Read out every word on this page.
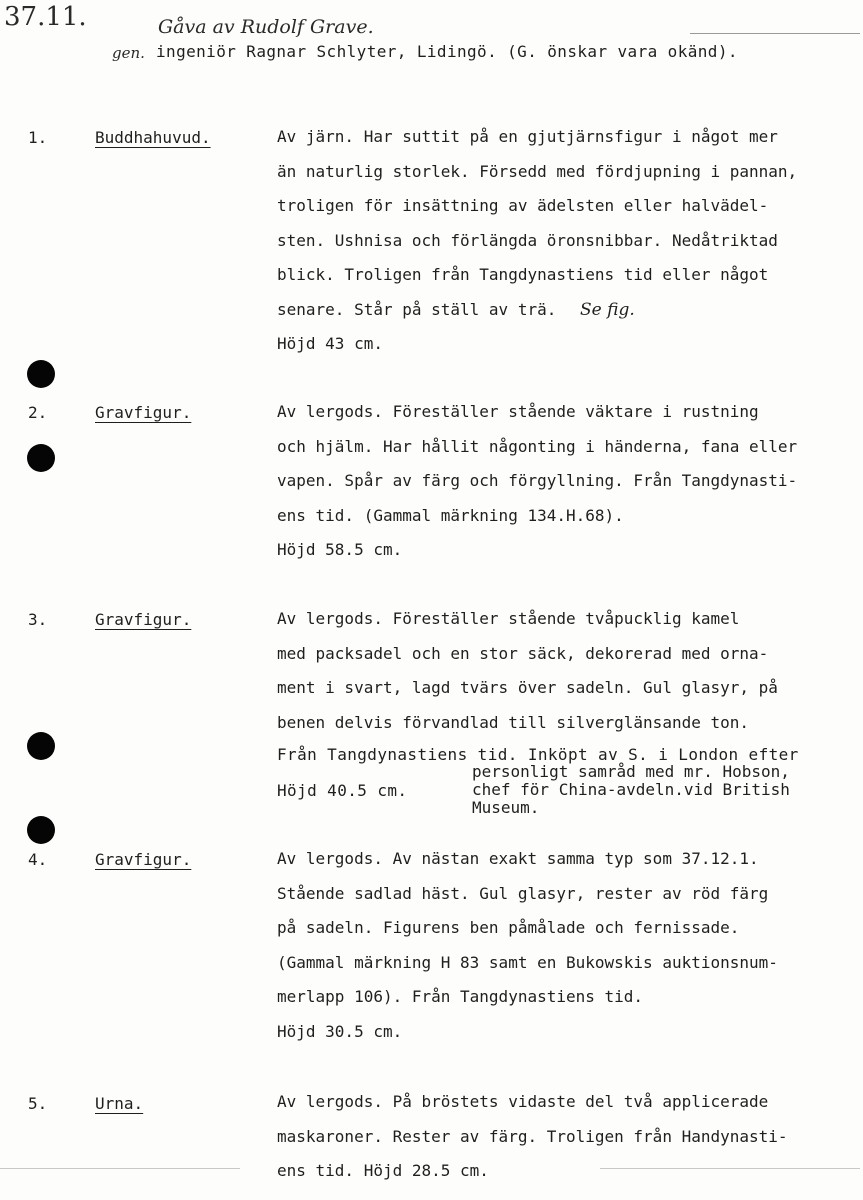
37.11.	Gåva av Rudolf Grave.
gen. ingeniör Ragnar Schlyter, Lidingö. (G. önskar vara okänd).
1.	Buddhahuvud.	Av järn. Har suttit på en gjutjärnsfigur i något mer
än naturlig storlek. Försedd med fördjupning i pannan,
troligen för insättning av ädelsten eller halvädel-
sten. Ushnisa och förlängda öronsnibbar. Nedåtriktad
blick. Troligen från Tangdynastiens tid eller något
senare. Står på ställ av trä. Se fig.
Höjd 43 cm.
2.	Gravfigur.	Av lergods. Föreställer stående väktare i rustning
och hjälm. Har hållit någonting i händerna, fana eller
vapen. Spår av färg och förgyllning. Från Tangdynasti-
ens tid. (Gammal märkning 134.H.68).
Höjd 58.5 cm.
3.	Gravfigur.	Av lergods. Föreställer stående tvåpucklig kamel
med packsadel och en stor säck, dekorerad med orna-
ment i svart, lagd tvärs över sadeln. Gul glasyr, på
benen delvis förvandlad till silverglänsande ton.
Från Tangdynastiens tid. Inköpt av S. i London efter
personligt samråd med mr. Hobson,
chef för China-avdeln.vid British
Museum.
Höjd 40.5 cm.
4.	Gravfigur.	Av lergods. Av nästan exakt samma typ som 37.12.1.
Stående sadlad häst. Gul glasyr, rester av röd färg
på sadeln. Figurens ben påmålade och fernissade.
(Gammal märkning H 83 samt en Bukowskis auktionsnum-
merlapp 106). Från Tangdynastiens tid.
Höjd 30.5 cm.
5.	Urna.	Av lergods. På bröstets vidaste del två applicerade
maskaroner. Rester av färg. Troligen från Handynasti-
ens tid. Höjd 28.5 cm.
